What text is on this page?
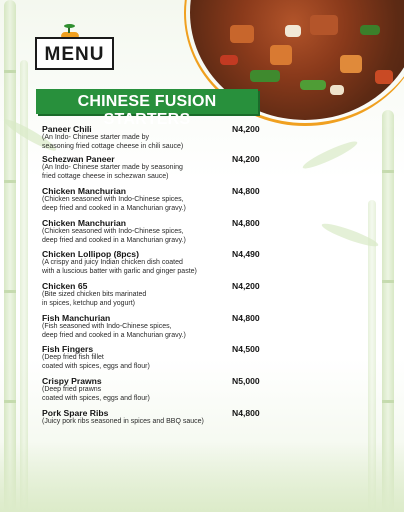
MENU
CHINESE FUSION STARTERS
Paneer Chili
(An Indo- Chinese starter made by
seasoning fried cottage cheese in chili sauce)
N4,200
Schezwan Paneer
(An Indo- Chinese starter made by seasoning
fried cottage cheese in schezwan sauce)
N4,200
Chicken Manchurian
(Chicken seasoned with Indo-Chinese spices,
deep fried and cooked in a Manchurian gravy.)
N4,800
Chicken Manchurian
(Chicken seasoned with Indo-Chinese spices,
deep fried and cooked in a Manchurian gravy.)
N4,800
Chicken Lollipop (8pcs)
(A crispy and juicy Indian chicken dish coated
with a luscious batter with garlic and ginger paste)
N4,490
Chicken 65
(Bite sized chicken bits marinated
in spices, ketchup and yogurt)
N4,200
Fish Manchurian
(Fish seasoned with Indo-Chinese spices,
deep fried and cooked in a Manchurian gravy.)
N4,800
Fish Fingers
(Deep fried fish fillet
coated with spices, eggs and flour)
N4,500
Crispy Prawns
(Deep fried prawns
coated with spices, eggs and flour)
N5,000
Pork Spare Ribs
(Juicy pork ribs seasoned in spices and BBQ sauce)
N4,800
